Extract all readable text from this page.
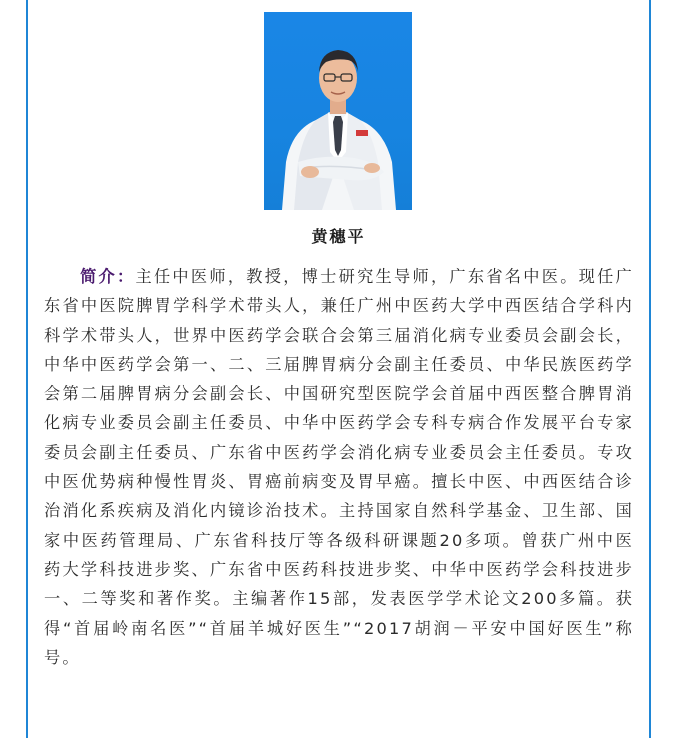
黄穗平
简介：主任中医师，教授，博士研究生导师，广东省名中医。现任广东省中医院脾胃学科学术带头人，兼任广州中医药大学中西医结合学科内科学术带头人，世界中医药学会联合会第三届消化病专业委员会副会长，中华中医药学会第一、二、三届脾胃病分会副主任委员、中华民族医药学会第二届脾胃病分会副会长、中国研究型医院学会首届中西医整合脾胃消化病专业委员会副主任委员、中华中医药学会专科专病合作发展平台专家委员会副主任委员、广东省中医药学会消化病专业委员会主任委员。专攻中医优势病种慢性胃炎、胃癌前病变及胃早癌。擅长中医、中西医结合诊治消化系疾病及消化内镜诊治技术。主持国家自然科学基金、卫生部、国家中医药管理局、广东省科技厅等各级科研课题20多项。曾获广州中医药大学科技进步奖、广东省中医药科技进步奖、中华中医药学会科技进步一、二等奖和著作奖。主编著作15部，发表医学学术论文200多篇。获得“首届岭南名医”“首届羊城好医生”“2017胡润－平安中国好医生”称号。
